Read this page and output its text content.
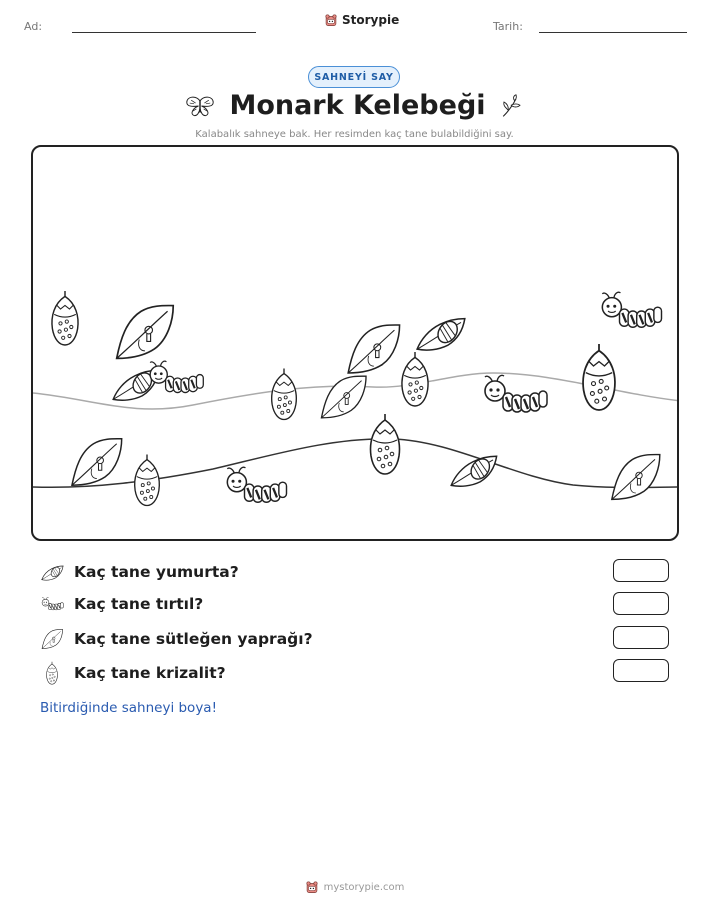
Ad:	Storypie	Tarih:
SAHNEYİ SAY
Monark Kelebeği
Kalabalık sahneye bak. Her resimden kaç tane bulabildiğini say.
Kaç tane yumurta?
Kaç tane tırtıl?
Kaç tane sütleğen yaprağı?
Kaç tane krizalit?
Bitirdiğinde sahneyi boya!
mystorypie.com
